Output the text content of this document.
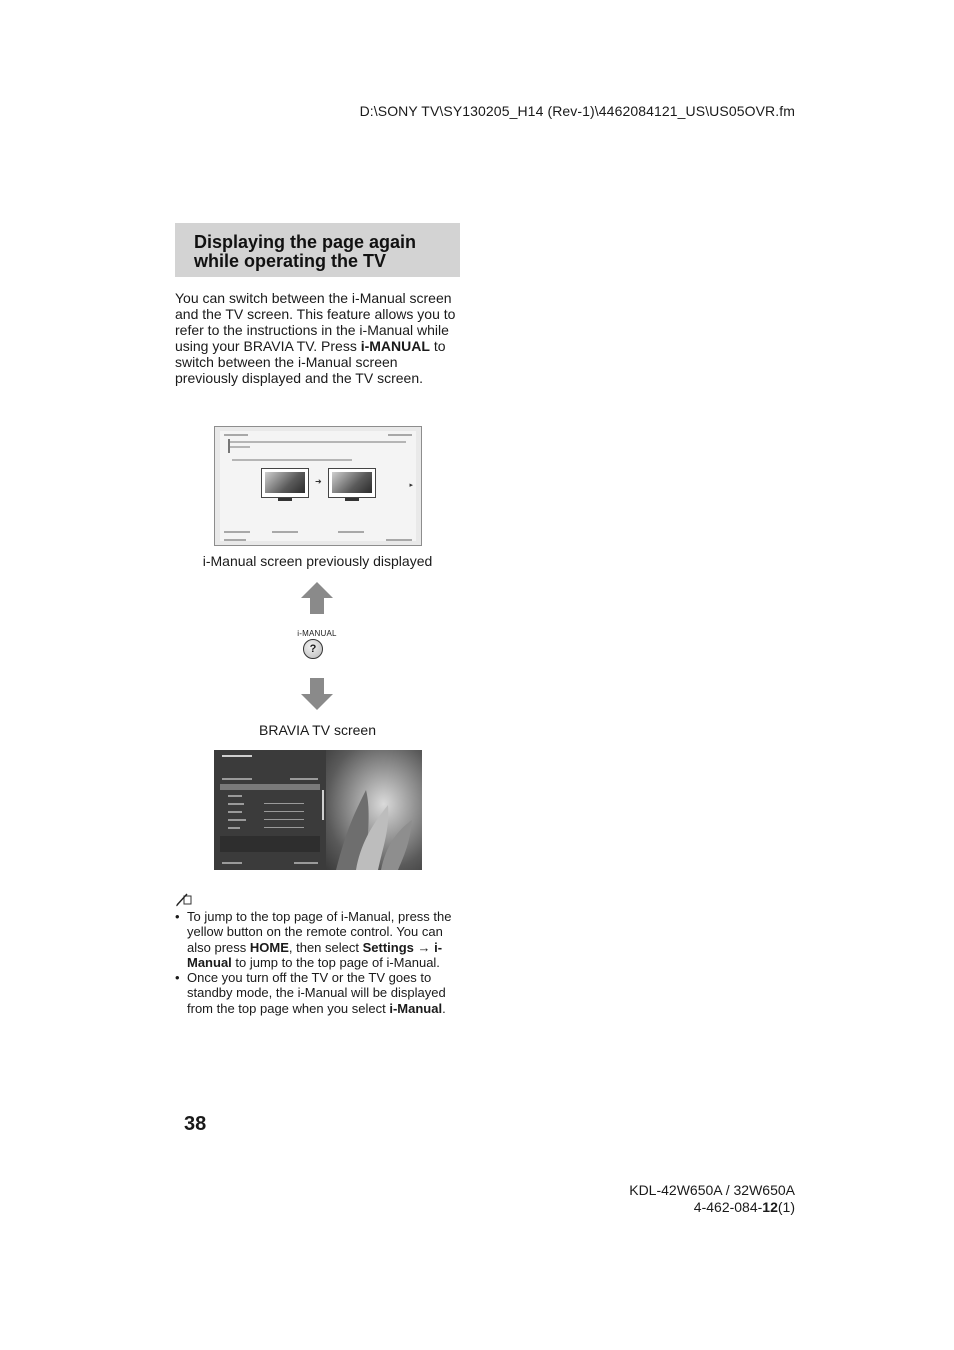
D:\SONY TV\SY130205_H14 (Rev-1)\4462084121_US\US05OVR.fm
Displaying the page again
while operating the TV
You can switch between the i-Manual screen and the TV screen. This feature allows you to refer to the instructions in the i-Manual while using your BRAVIA TV. Press i-MANUAL to switch between the i-Manual screen previously displayed and the TV screen.
➜	▸
i-Manual screen previously displayed
i-MANUAL
?
BRAVIA TV screen
• To jump to the top page of i-Manual, press the yellow button on the remote control. You can also press HOME, then select Settings → i-Manual to jump to the top page of i-Manual.
• Once you turn off the TV or the TV goes to standby mode, the i-Manual will be displayed from the top page when you select i-Manual.
38
KDL-42W650A / 32W650A
4-462-084-12(1)
